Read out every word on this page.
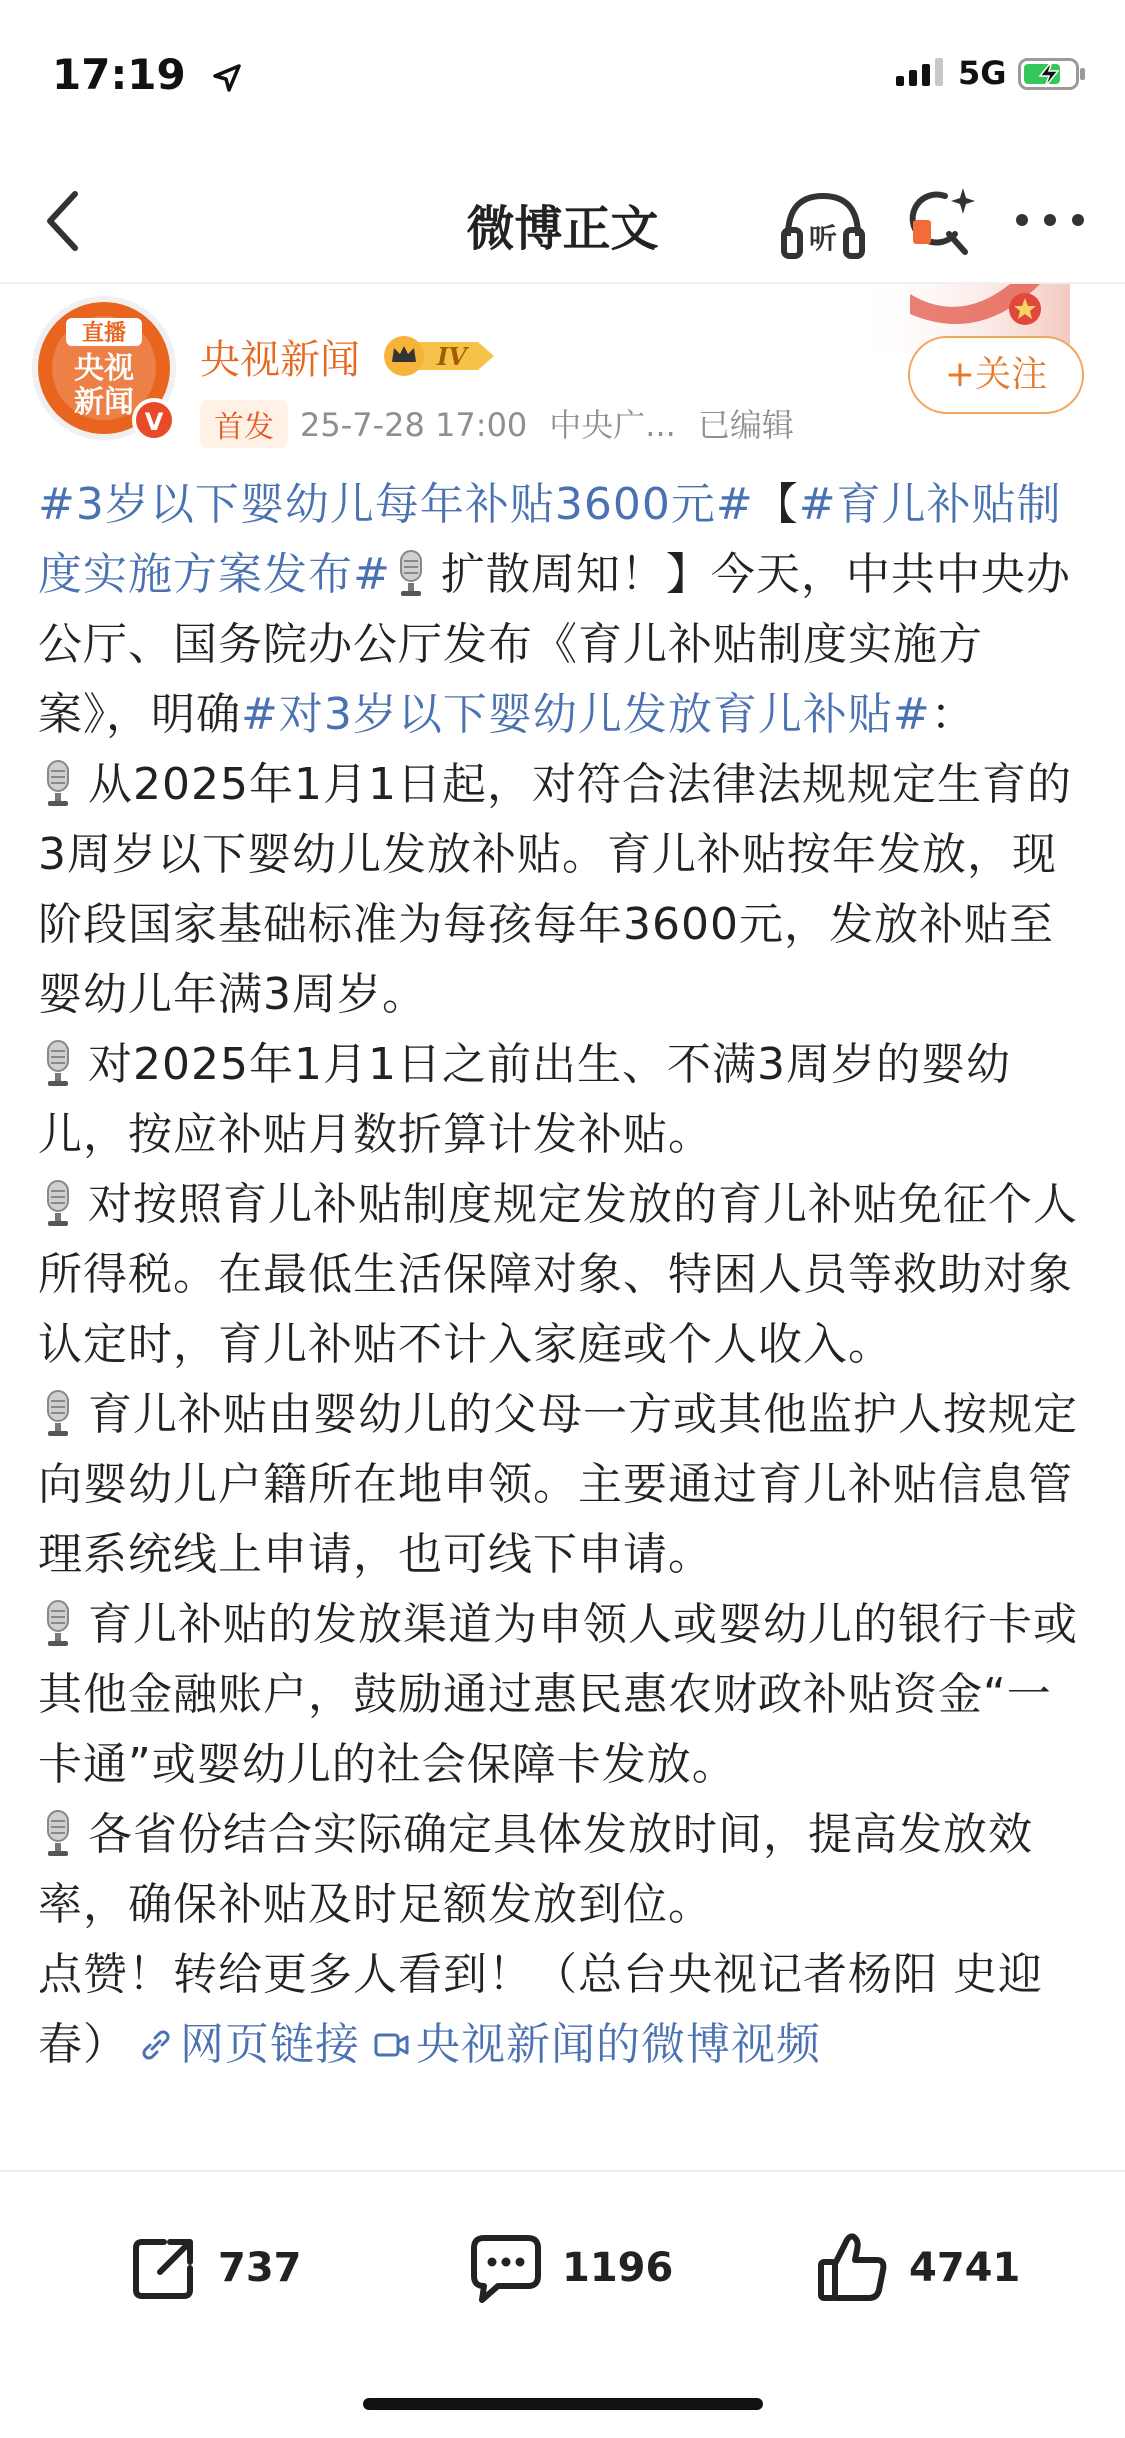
17:19	5G
微博正文	听
直播
央视
新闻
V
央视新闻	IV
首发 25-7-28 17:00 中央广... 已编辑
+关注

#3岁以下婴幼儿每年补贴3600元#【#育儿补贴制度实施方案发布# 扩散周知！】今天，中共中央办公厅、国务院办公厅发布《育儿补贴制度实施方案》，明确#对3岁以下婴幼儿发放育儿补贴#：

从2025年1月1日起，对符合法律法规规定生育的3周岁以下婴幼儿发放补贴。育儿补贴按年发放，现阶段国家基础标准为每孩每年3600元，发放补贴至婴幼儿年满3周岁。

对2025年1月1日之前出生、不满3周岁的婴幼儿，按应补贴月数折算计发补贴。

对按照育儿补贴制度规定发放的育儿补贴免征个人所得税。在最低生活保障对象、特困人员等救助对象认定时，育儿补贴不计入家庭或个人收入。

育儿补贴由婴幼儿的父母一方或其他监护人按规定向婴幼儿户籍所在地申领。主要通过育儿补贴信息管理系统线上申请，也可线下申请。

育儿补贴的发放渠道为申领人或婴幼儿的银行卡或其他金融账户，鼓励通过惠民惠农财政补贴资金“一卡通”或婴幼儿的社会保障卡发放。

各省份结合实际确定具体发放时间，提高发放效率，确保补贴及时足额发放到位。

点赞！转给更多人看到！（总台央视记者杨阳 史迎春） 网页链接 央视新闻的微博视频

737	1196	4741
